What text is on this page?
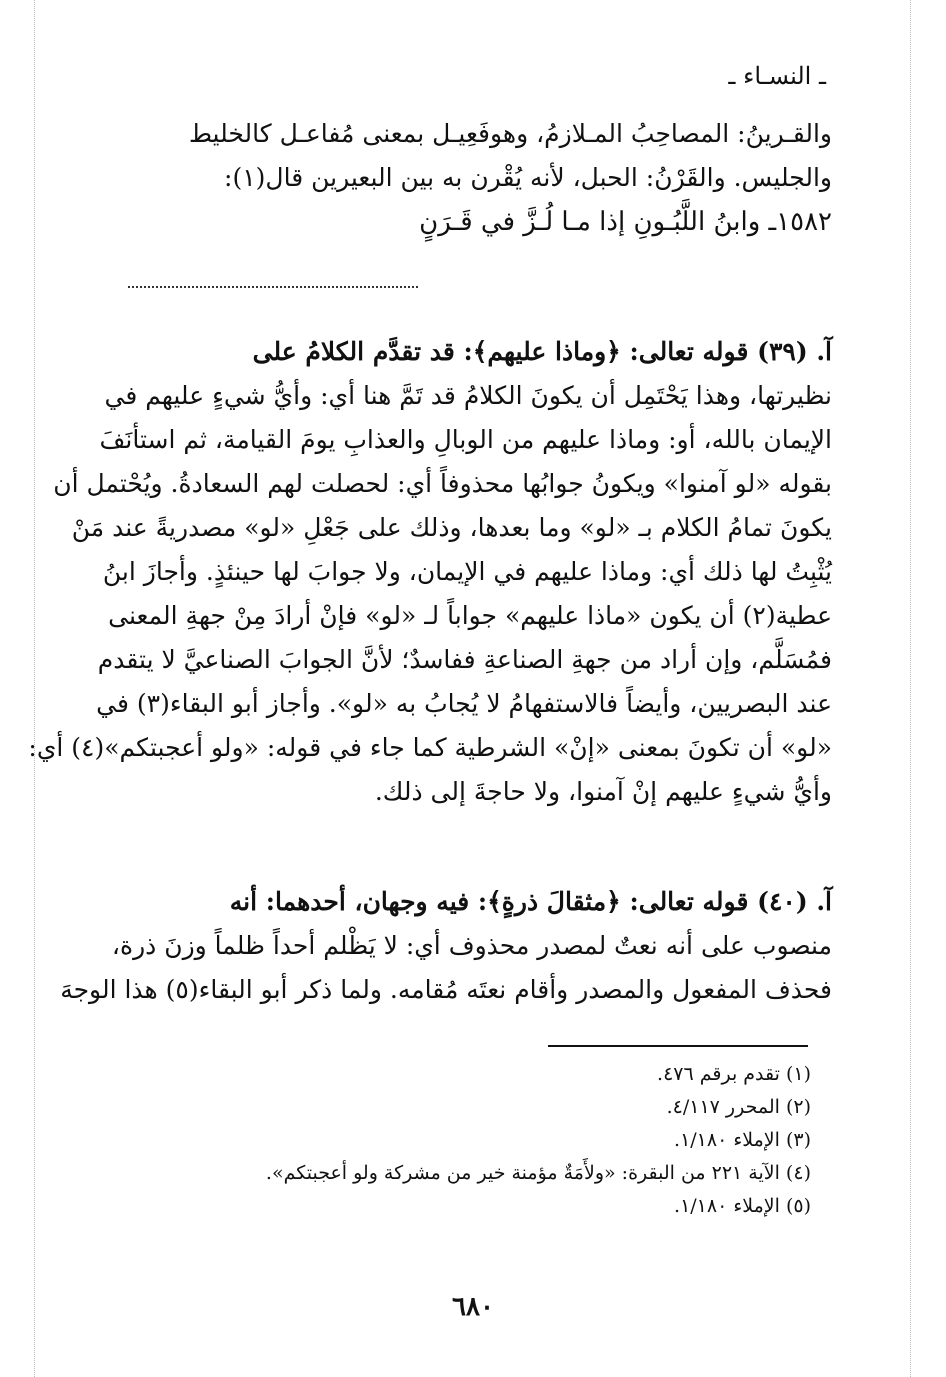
ـ النسـاء ـ
والقـرينُ: المصاحِبُ المـلازمُ، وهوفَعِيـل بمعنى مُفاعـل كالخليط
والجليس. والقَرْنُ: الحبل، لأنه يُقْرن به بين البعيرين قال(١):
١٥٨٢ـ وابنُ اللَّبُـونِ إذا مـا لُـزَّ في قَـرَنٍ
آ. (٣٩) قوله تعالى: ﴿وماذا عليهم﴾: قد تقدَّم الكلامُ على
نظيرتها، وهذا يَحْتَمِل أن يكونَ الكلامُ قد تَمَّ هنا أي: وأيُّ شيءٍ عليهم في
الإيمان بالله، أو: وماذا عليهم من الوبالِ والعذابِ يومَ القيامة، ثم استأنَفَ
بقوله «لو آمنوا» ويكونُ جوابُها محذوفاً أي: لحصلت لهم السعادةُ. ويُحْتمل أن
يكونَ تمامُ الكلام بـ «لو» وما بعدها، وذلك على جَعْلِ «لو» مصدريةً عند مَنْ
يُثْبِتُ لها ذلك أي: وماذا عليهم في الإيمان، ولا جوابَ لها حينئذٍ. وأجازَ ابنُ
عطية(٢) أن يكون «ماذا عليهم» جواباً لـ «لو» فإنْ أرادَ مِنْ جهةِ المعنى
فمُسَلَّم، وإن أراد من جهةِ الصناعةِ ففاسدٌ؛ لأنَّ الجوابَ الصناعيَّ لا يتقدم
عند البصريين، وأيضاً فالاستفهامُ لا يُجابُ به «لو». وأجاز أبو البقاء(٣) في
«لو» أن تكونَ بمعنى «إنْ» الشرطية كما جاء في قوله: «ولو أعجبتكم»(٤) أي:
وأيُّ شيءٍ عليهم إنْ آمنوا، ولا حاجةَ إلى ذلك.
آ. (٤٠) قوله تعالى: ﴿مثقالَ ذرةٍ﴾: فيه وجهان، أحدهما: أنه
منصوب على أنه نعتٌ لمصدر محذوف أي: لا يَظْلم أحداً ظلماً وزنَ ذرة،
فحذف المفعول والمصدر وأقام نعتَه مُقامه. ولما ذكر أبو البقاء(٥) هذا الوجهَ
(١) تقدم برقم ٤٧٦.
(٢) المحرر ٤/١١٧.
(٣) الإملاء ١/١٨٠.
(٤) الآية ٢٢١ من البقرة: «ولأَمَةٌ مؤمنة خير من مشركة ولو أعجبتكم».
(٥) الإملاء ١/١٨٠.
٦٨٠
